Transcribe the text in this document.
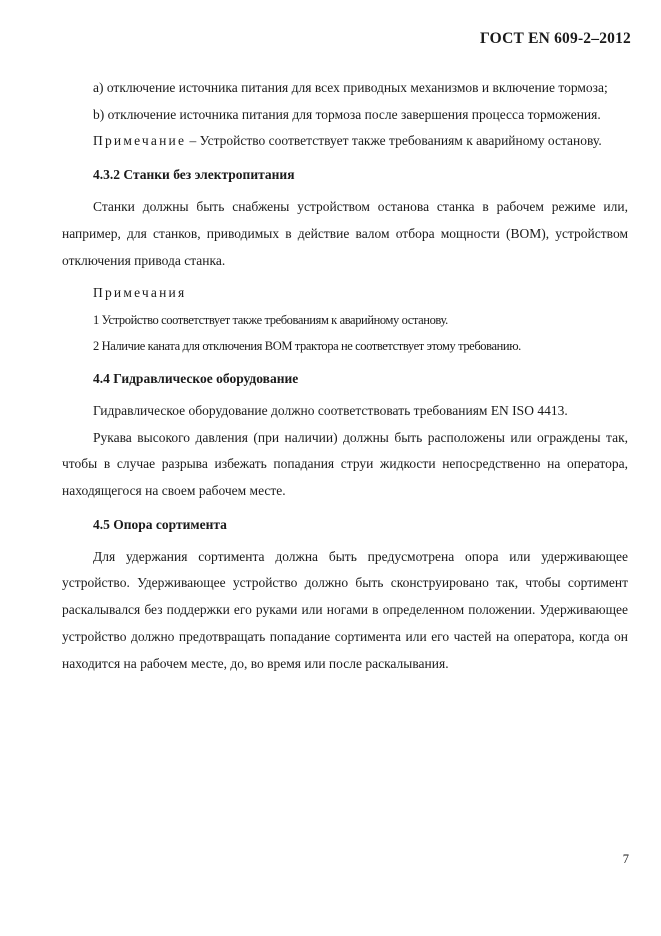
ГОСТ EN 609-2–2012

a) отключение источника питания для всех приводных механизмов и включение тормоза;

b) отключение источника питания для тормоза после завершения процесса торможения.

Примечание – Устройство соответствует также требованиям к аварийному останову.

4.3.2 Станки без электропитания

Станки должны быть снабжены устройством останова станка в рабочем режиме или, например, для станков, приводимых в действие валом отбора мощности (ВОМ), устройством отключения привода станка.

Примечания

1 Устройство соответствует также требованиям к аварийному останову.

2 Наличие каната для отключения ВОМ трактора не соответствует этому требованию.

4.4 Гидравлическое оборудование

Гидравлическое оборудование должно соответствовать требованиям EN ISO 4413.

Рукава высокого давления (при наличии) должны быть расположены или ограждены так, чтобы в случае разрыва избежать попадания струи жидкости непосредственно на оператора, находящегося на своем рабочем месте.

4.5 Опора сортимента

Для удержания сортимента должна быть предусмотрена опора или удерживающее устройство. Удерживающее устройство должно быть сконструировано так, чтобы сортимент раскалывался без поддержки его руками или ногами в определенном положении. Удерживающее устройство должно предотвращать попадание сортимента или его частей на оператора, когда он находится на рабочем месте, до, во время или после раскалывания.

7
